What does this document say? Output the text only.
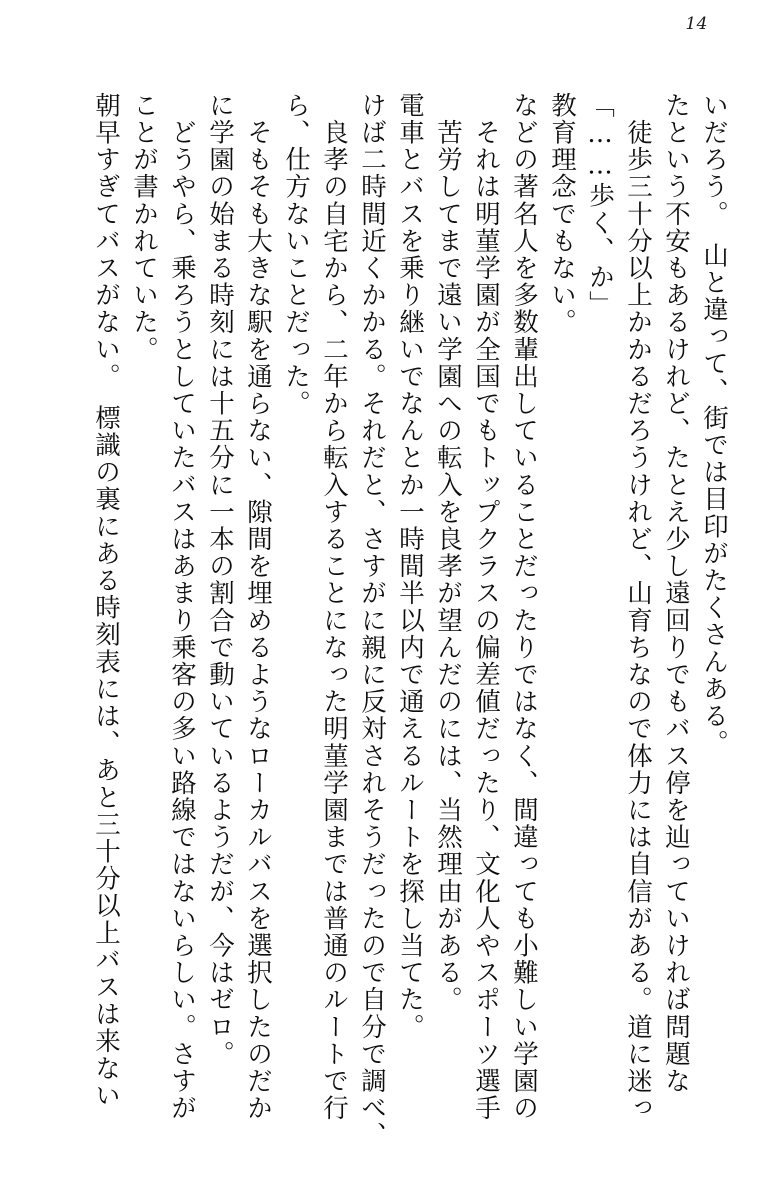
14
朝早すぎてバスがない。　標識の裏にある時刻表には、あと三十分以上バスは来ない ことが書かれていた。 　どうやら、乗ろうとしていたバスはあまり乗客の多い路線ではないらしい。さすが に学園の始まる時刻には十五分に一本の割合で動いているようだが、今はゼロ。 　そもそも大きな駅を通らない、隙間を埋めるようなローカルバスを選択したのだか ら、仕方ないことだった。 　良孝の自宅から、二年から転入することになった明菫学園までは普通のルートで行 けば二時間近くかかる。それだと、さすがに親に反対されそうだったので自分で調べ、 電車とバスを乗り継いでなんとか一時間半以内で通えるルートを探し当てた。 　苦労してまで遠い学園への転入を良孝が望んだのには、当然理由がある。 　それは明菫学園が全国でもトップクラスの偏差値だったり、文化人やスポーツ選手 などの著名人を多数輩出していることだったりではなく、間違っても小難しい学園の 教育理念でもない。 「……歩く、か」 　徒歩三十分以上かかるだろうけれど、山育ちなので体力には自信がある。道に迷っ たという不安もあるけれど、たとえ少し遠回りでもバス停を辿っていければ問題な いだろう。　山と違って、街では目印がたくさんある。
